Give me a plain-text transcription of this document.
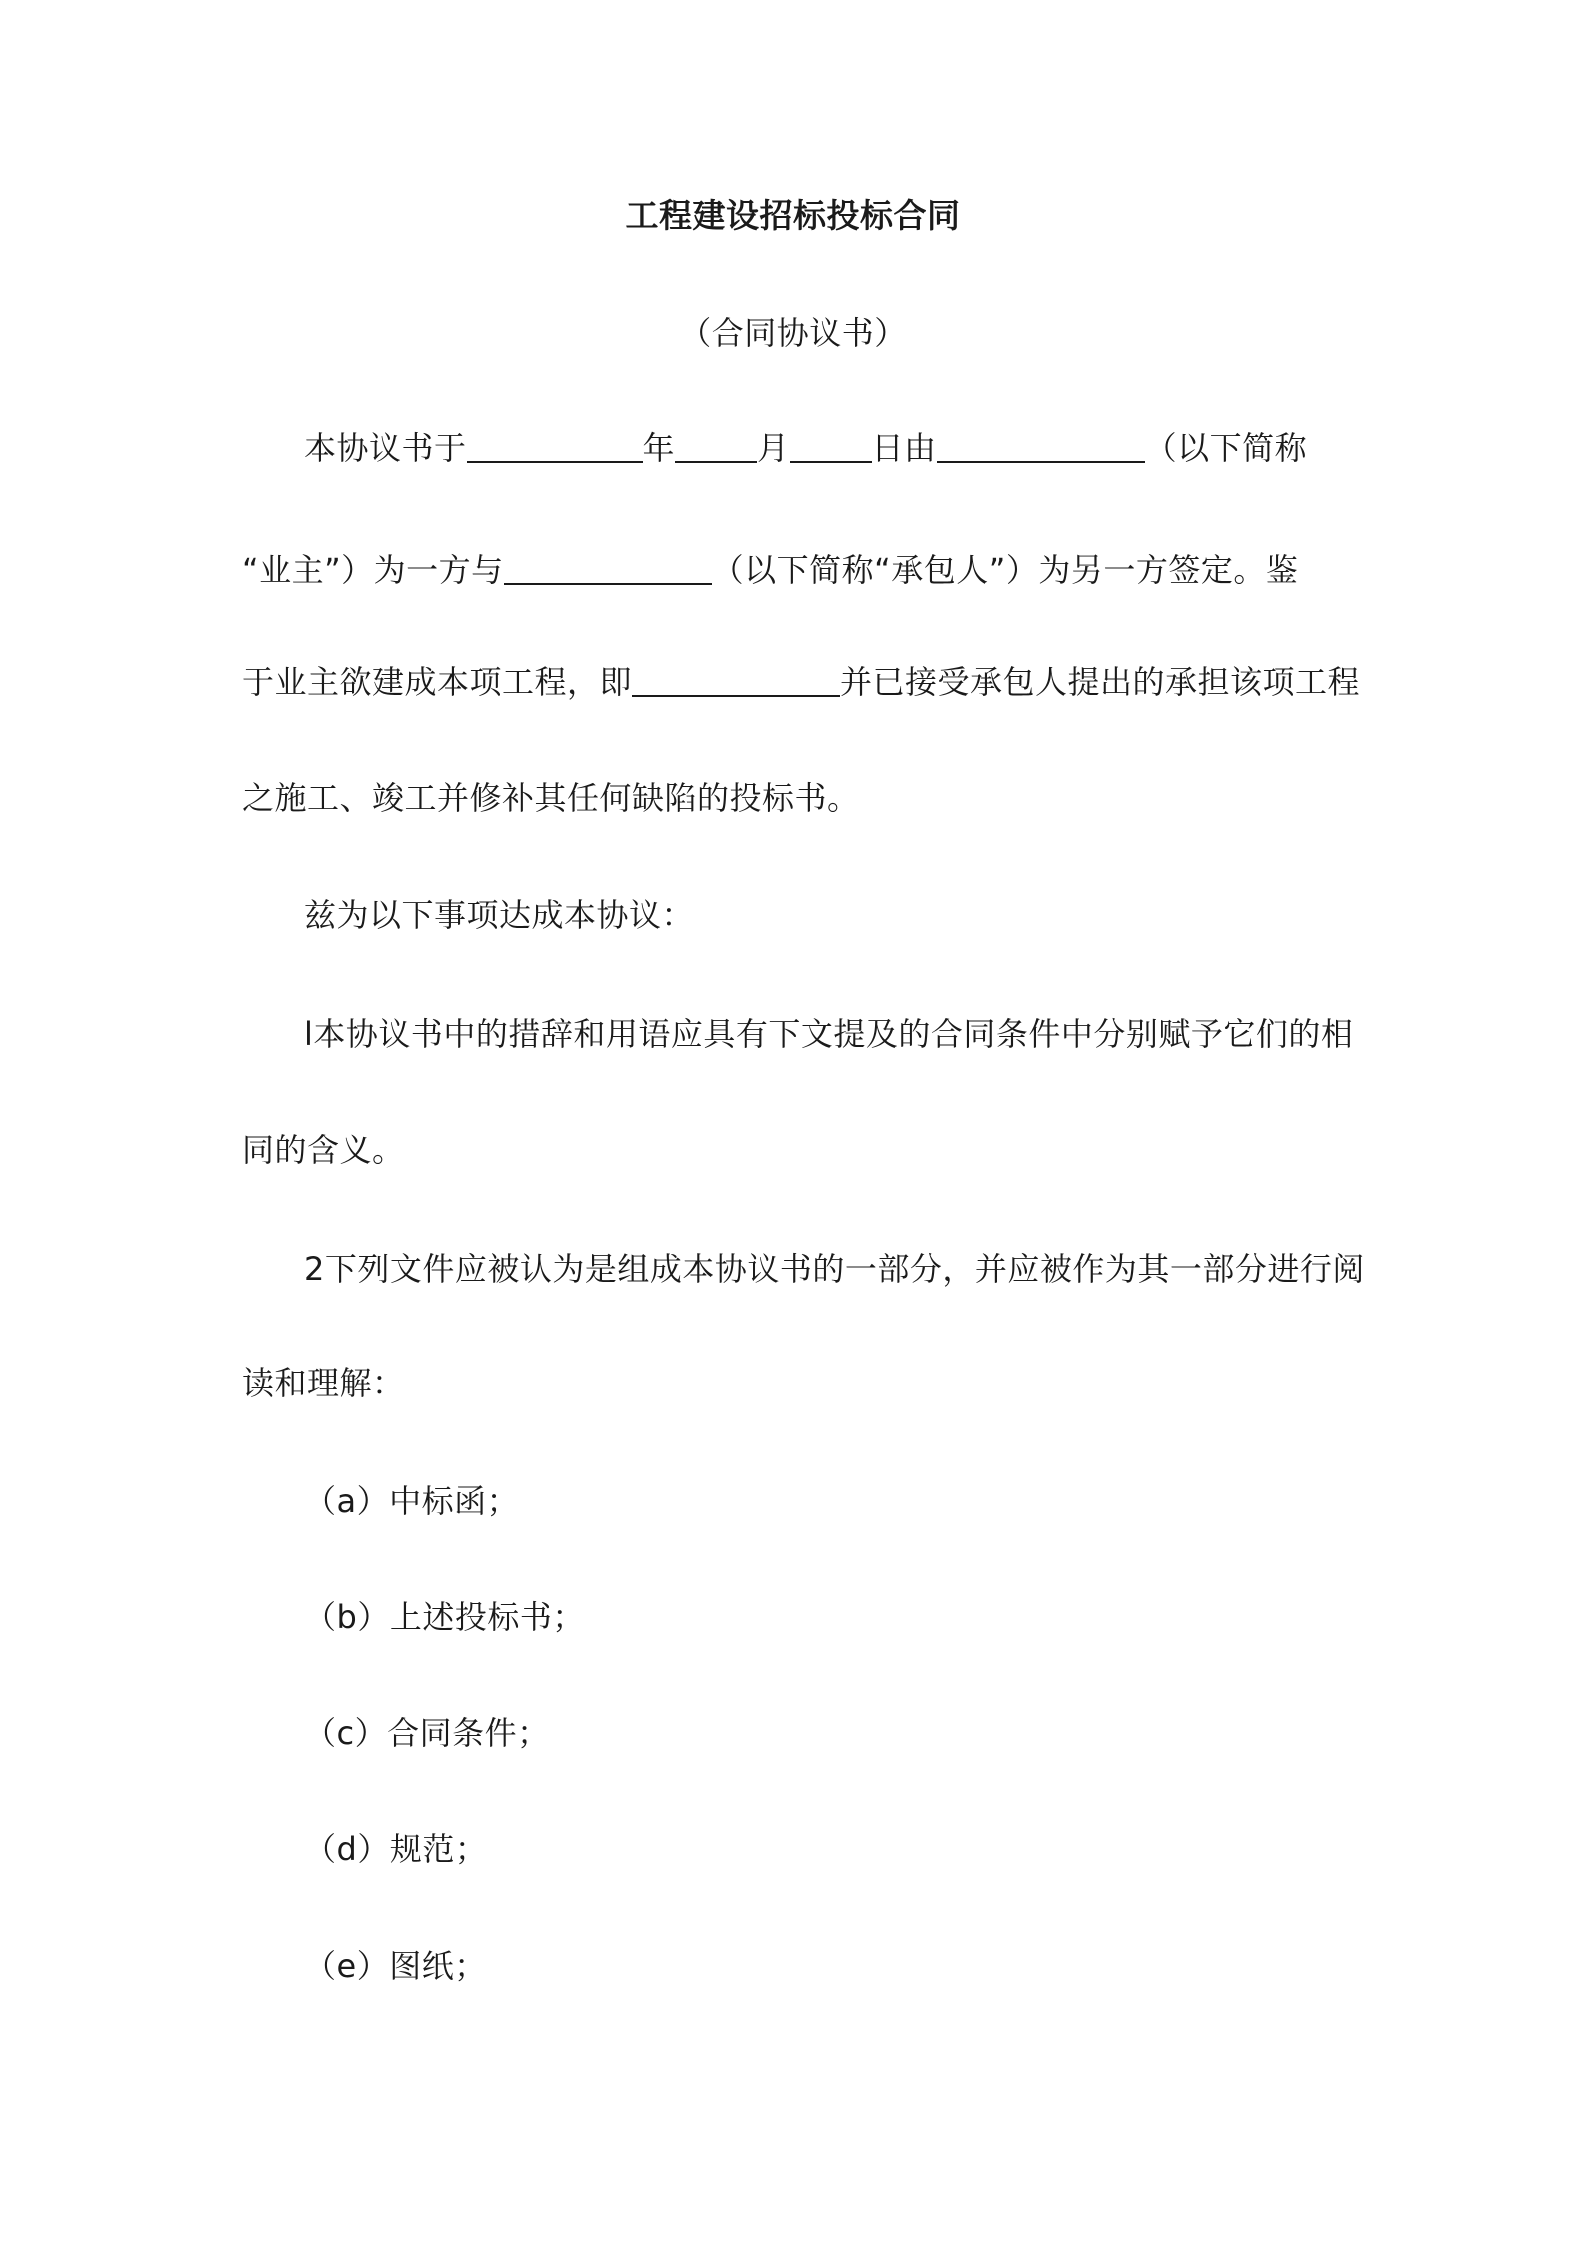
工程建设招标投标合同
（合同协议书）
本协议书于	年	月	日由	（以下简称
“业主”）为一方与	（以下简称“承包人”）为另一方签定。鉴
于业主欲建成本项工程，即	并已接受承包人提出的承担该项工程
之施工、竣工并修补其任何缺陷的投标书。
兹为以下事项达成本协议：
l本协议书中的措辞和用语应具有下文提及的合同条件中分别赋予它们的相
同的含义。
2下列文件应被认为是组成本协议书的一部分，并应被作为其一部分进行阅
读和理解：
（a）中标函；
（b）上述投标书；
（c）合同条件；
（d）规范；
（e）图纸；
